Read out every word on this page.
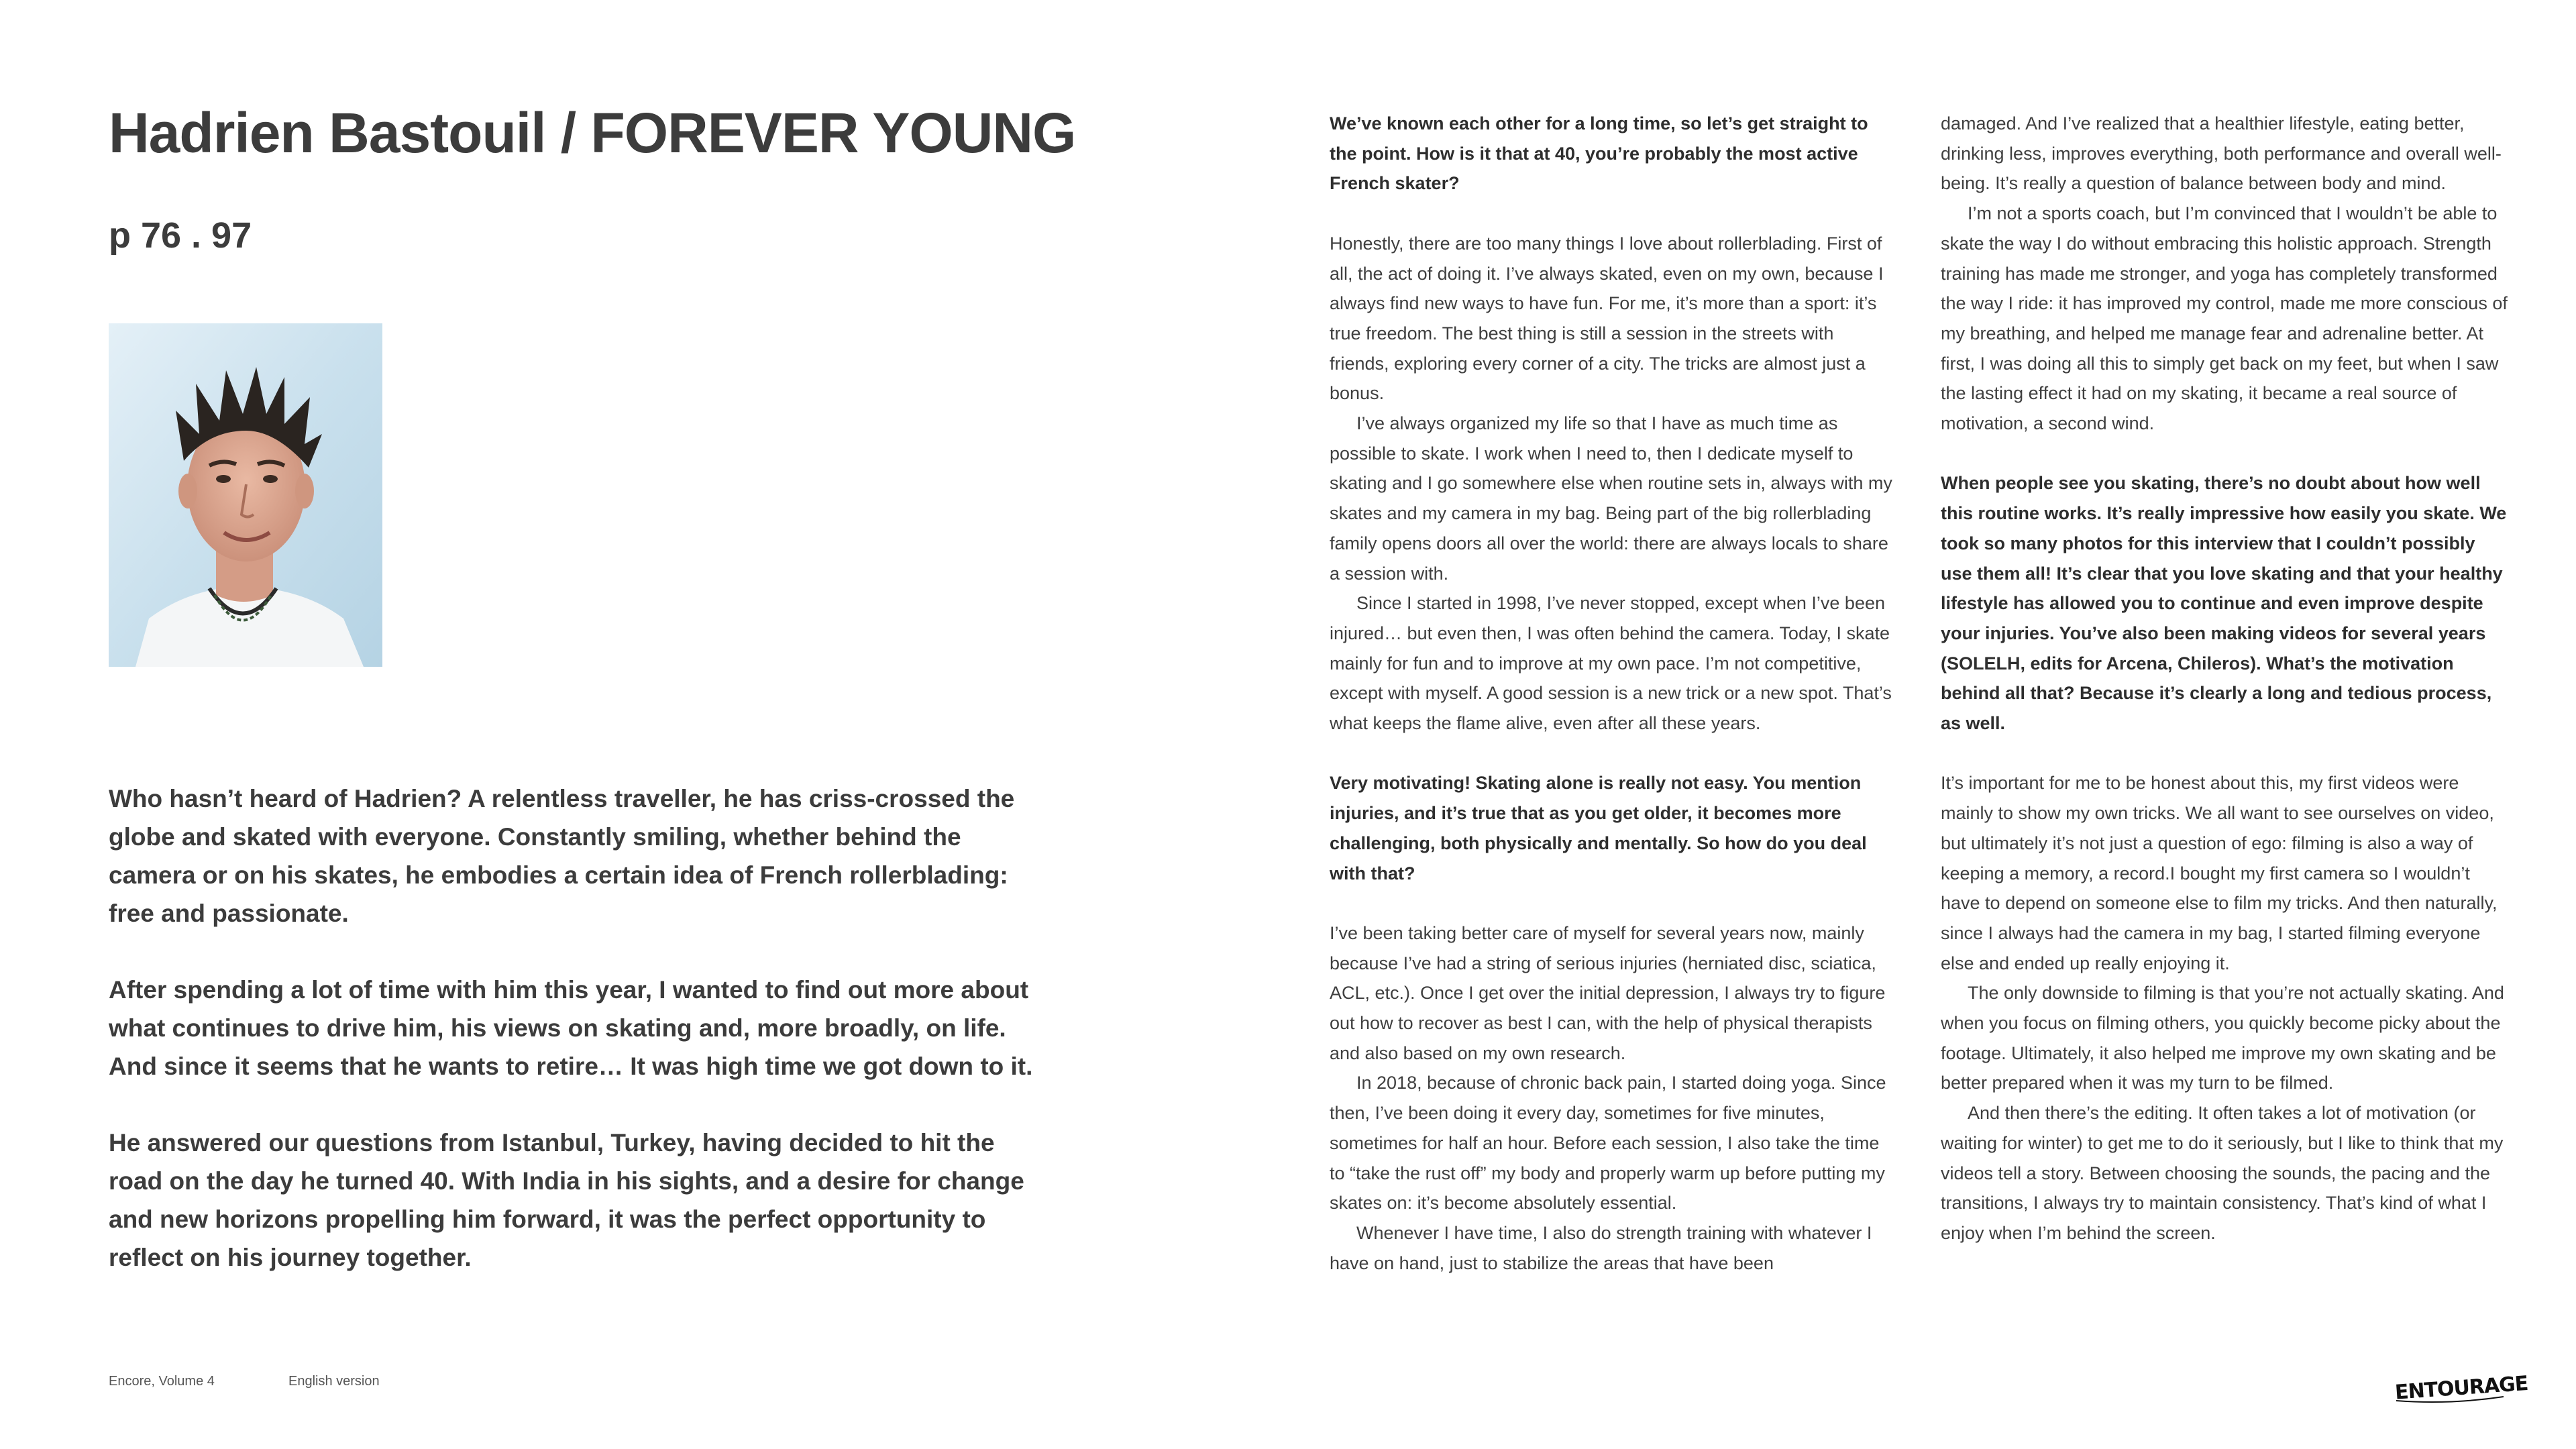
Hadrien Bastouil / FOREVER YOUNG
p 76 . 97

Who hasn’t heard of Hadrien? A relentless traveller, he has criss-crossed the globe and skated with everyone. Constantly smiling, whether behind the camera or on his skates, he embodies a certain idea of French rollerblading: free and passionate.

After spending a lot of time with him this year, I wanted to find out more about what continues to drive him, his views on skating and, more broadly, on life. And since it seems that he wants to retire… It was high time we got down to it.

He answered our questions from Istanbul, Turkey, having decided to hit the road on the day he turned 40. With India in his sights, and a desire for change and new horizons propelling him forward, it was the perfect opportunity to reflect on his journey together.

We’ve known each other for a long time, so let’s get straight to the point. How is it that at 40, you’re probably the most active French skater?

Honestly, there are too many things I love about rollerblading. First of all, the act of doing it. I’ve always skated, even on my own, because I always find new ways to have fun. For me, it’s more than a sport: it’s true freedom. The best thing is still a session in the streets with friends, exploring every corner of a city. The tricks are almost just a bonus.

I’ve always organized my life so that I have as much time as possible to skate. I work when I need to, then I dedicate myself to skating and I go somewhere else when routine sets in, always with my skates and my camera in my bag. Being part of the big rollerblading family opens doors all over the world: there are always locals to share a session with.

Since I started in 1998, I’ve never stopped, except when I’ve been injured… but even then, I was often behind the camera. Today, I skate mainly for fun and to improve at my own pace. I’m not competitive, except with myself. A good session is a new trick or a new spot. That’s what keeps the flame alive, even after all these years.

Very motivating! Skating alone is really not easy. You mention injuries, and it’s true that as you get older, it becomes more challenging, both physically and mentally. So how do you deal with that?

I’ve been taking better care of myself for several years now, mainly because I’ve had a string of serious injuries (herniated disc, sciatica, ACL, etc.). Once I get over the initial depression, I always try to figure out how to recover as best I can, with the help of physical therapists and also based on my own research.

In 2018, because of chronic back pain, I started doing yoga. Since then, I’ve been doing it every day, sometimes for five minutes, sometimes for half an hour. Before each session, I also take the time to “take the rust off” my body and properly warm up before putting my skates on: it’s become absolutely essential.

Whenever I have time, I also do strength training with whatever I have on hand, just to stabilize the areas that have been

damaged. And I’ve realized that a healthier lifestyle, eating better, drinking less, improves everything, both performance and overall well-being. It’s really a question of balance between body and mind.

I’m not a sports coach, but I’m convinced that I wouldn’t be able to skate the way I do without embracing this holistic approach. Strength training has made me stronger, and yoga has completely transformed the way I ride: it has improved my control, made me more conscious of my breathing, and helped me manage fear and adrenaline better. At first, I was doing all this to simply get back on my feet, but when I saw the lasting effect it had on my skating, it became a real source of motivation, a second wind.

When people see you skating, there’s no doubt about how well this routine works. It’s really impressive how easily you skate. We took so many photos for this interview that I couldn’t possibly use them all! It’s clear that you love skating and that your healthy lifestyle has allowed you to continue and even improve despite your injuries. You’ve also been making videos for several years (SOLELH, edits for Arcena, Chileros). What’s the motivation behind all that? Because it’s clearly a long and tedious process, as well.

It’s important for me to be honest about this, my first videos were mainly to show my own tricks. We all want to see ourselves on video, but ultimately it’s not just a question of ego: filming is also a way of keeping a memory, a record.I bought my first camera so I wouldn’t have to depend on someone else to film my tricks. And then naturally, since I always had the camera in my bag, I started filming everyone else and ended up really enjoying it.

The only downside to filming is that you’re not actually skating. And when you focus on filming others, you quickly become picky about the footage. Ultimately, it also helped me improve my own skating and be better prepared when it was my turn to be filmed.

And then there’s the editing. It often takes a lot of motivation (or waiting for winter) to get me to do it seriously, but I like to think that my videos tell a story. Between choosing the sounds, the pacing and the transitions, I always try to maintain consistency. That’s kind of what I enjoy when I’m behind the screen.

Encore, Volume 4	English version	ENTOURAGE
